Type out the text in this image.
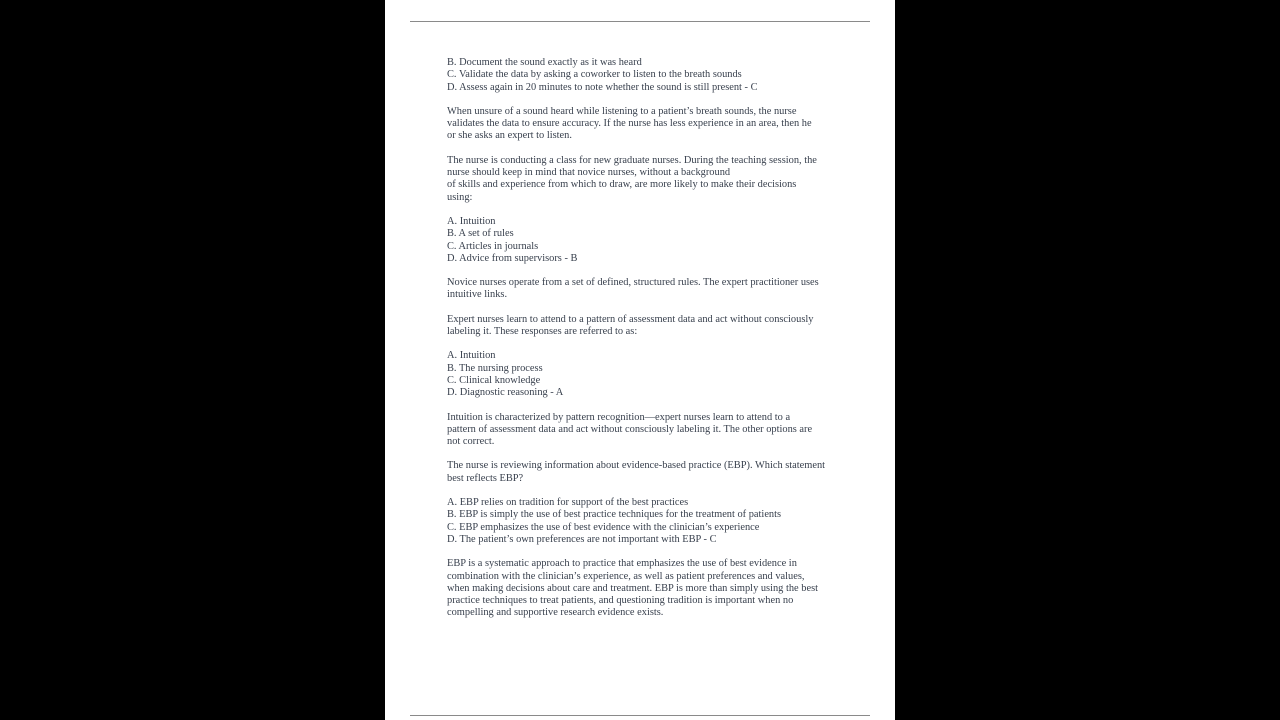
B. Document the sound exactly as it was heard
C. Validate the data by asking a coworker to listen to the breath sounds
D. Assess again in 20 minutes to note whether the sound is still present - C

When unsure of a sound heard while listening to a patient’s breath sounds, the nurse
validates the data to ensure accuracy. If the nurse has less experience in an area, then he
or she asks an expert to listen.

The nurse is conducting a class for new graduate nurses. During the teaching session, the
nurse should keep in mind that novice nurses, without a background
of skills and experience from which to draw, are more likely to make their decisions
using:

A. Intuition
B. A set of rules
C. Articles in journals
D. Advice from supervisors - B

Novice nurses operate from a set of defined, structured rules. The expert practitioner uses
intuitive links.

Expert nurses learn to attend to a pattern of assessment data and act without consciously
labeling it. These responses are referred to as:

A. Intuition
B. The nursing process
C. Clinical knowledge
D. Diagnostic reasoning - A

Intuition is characterized by pattern recognition—expert nurses learn to attend to a
pattern of assessment data and act without consciously labeling it. The other options are
not correct.

The nurse is reviewing information about evidence-based practice (EBP). Which statement
best reflects EBP?

A. EBP relies on tradition for support of the best practices
B. EBP is simply the use of best practice techniques for the treatment of patients
C. EBP emphasizes the use of best evidence with the clinician’s experience
D. The patient’s own preferences are not important with EBP - C

EBP is a systematic approach to practice that emphasizes the use of best evidence in
combination with the clinician’s experience, as well as patient preferences and values,
when making decisions about care and treatment. EBP is more than simply using the best
practice techniques to treat patients, and questioning tradition is important when no
compelling and supportive research evidence exists.
